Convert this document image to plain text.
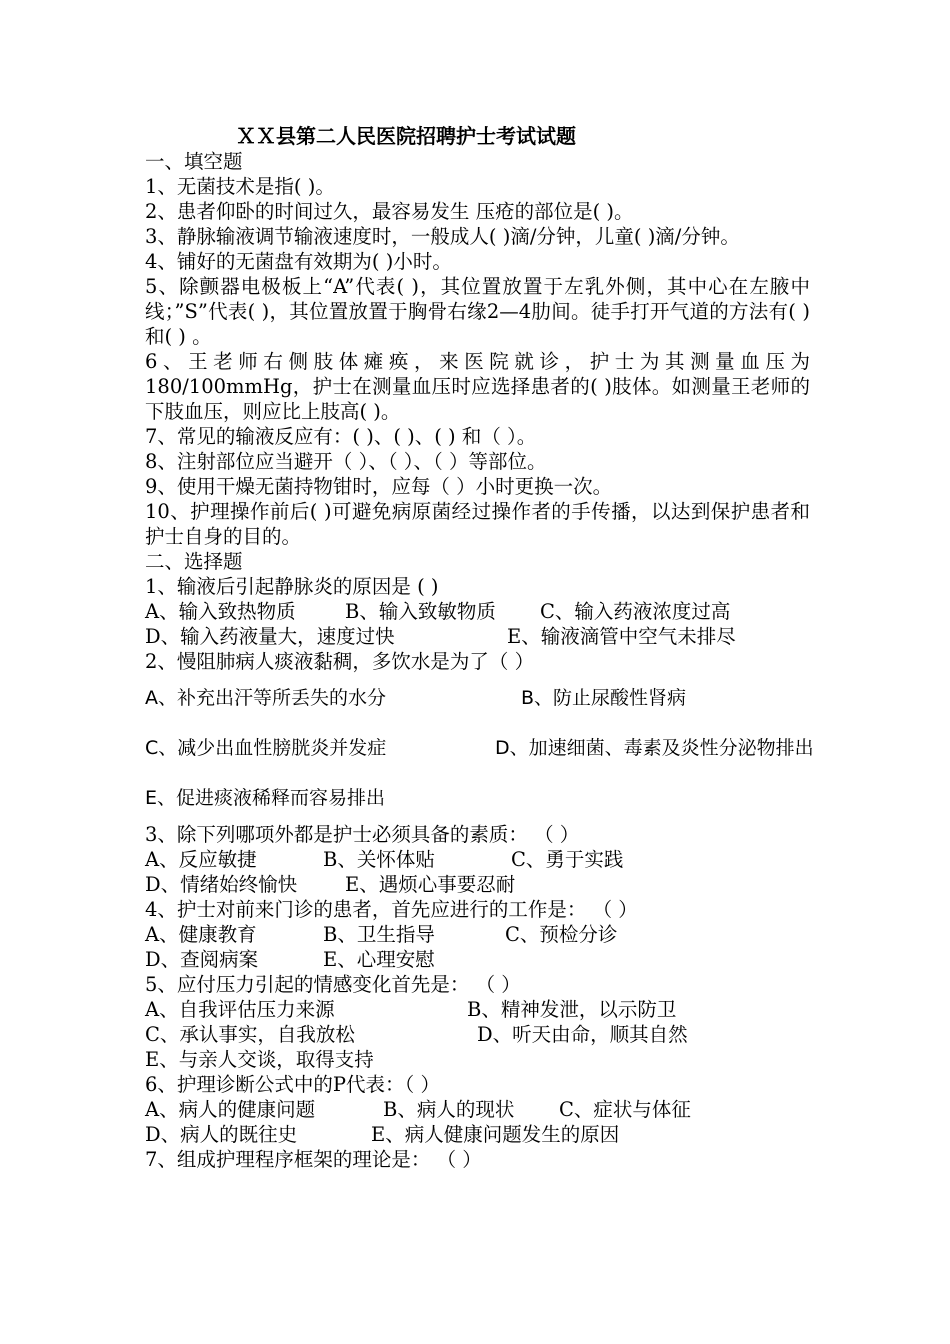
ＸＸ县第二人民医院招聘护士考试试题
一、填空题
1、无菌技术是指( )。
2、患者仰卧的时间过久，最容易发生 压疮的部位是( )。
3、静脉输液调节输液速度时，一般成人( )滴/分钟，儿童( )滴/分钟。
4、铺好的无菌盘有效期为( )小时。
5、除颤器电极板上“A”代表( )，其位置放置于左乳外侧，其中心在左腋中线；”S”代表( )，其位置放置于胸骨右缘2—4肋间。徒手打开气道的方法有( )和( ) 。
6、王老师右侧肢体瘫痪，来医院就诊，护士为其测量血压为180/100mmHg，护士在测量血压时应选择患者的( )肢体。如测量王老师的下肢血压，则应比上肢高( )。
7、常见的输液反应有：( )、( )、( ) 和（ ）。
8、注射部位应当避开（ ）、（ ）、（ ）等部位。
9、使用干燥无菌持物钳时，应每（ ）小时更换一次。
10、护理操作前后( )可避免病原菌经过操作者的手传播，以达到保护患者和护士自身的目的。
二、选择题
1、输液后引起静脉炎的原因是 ( )
A、输入致热物质	B、输入致敏物质 C、输入药液浓度过高
D、输入药液量大，速度过快	E、输液滴管中空气未排尽
2、慢阻肺病人痰液黏稠，多饮水是为了（ ）
A、补充出汗等所丢失的水分	B、防止尿酸性肾病
C、减少出血性膀胱炎并发症	D、加速细菌、毒素及炎性分泌物排出
E、促进痰液稀释而容易排出
3、除下列哪项外都是护士必须具备的素质： （ ）
A、反应敏捷	B、关怀体贴	C、勇于实践
D、情绪始终愉快 E、遇烦心事要忍耐
4、护士对前来门诊的患者，首先应进行的工作是： （ ）
A、健康教育	B、卫生指导	C、预检分诊
D、查阅病案	E、心理安慰
5、应付压力引起的情感变化首先是： （ ）
A、自我评估压力来源	B、精神发泄，以示防卫
C、承认事实，自我放松	D、听天由命，顺其自然
E、与亲人交谈，取得支持
6、护理诊断公式中的P代表：（ ）
A、病人的健康问题	B、病人的现状 C、症状与体征
D、病人的既往史	E、病人健康问题发生的原因
7、组成护理程序框架的理论是： （ ）
